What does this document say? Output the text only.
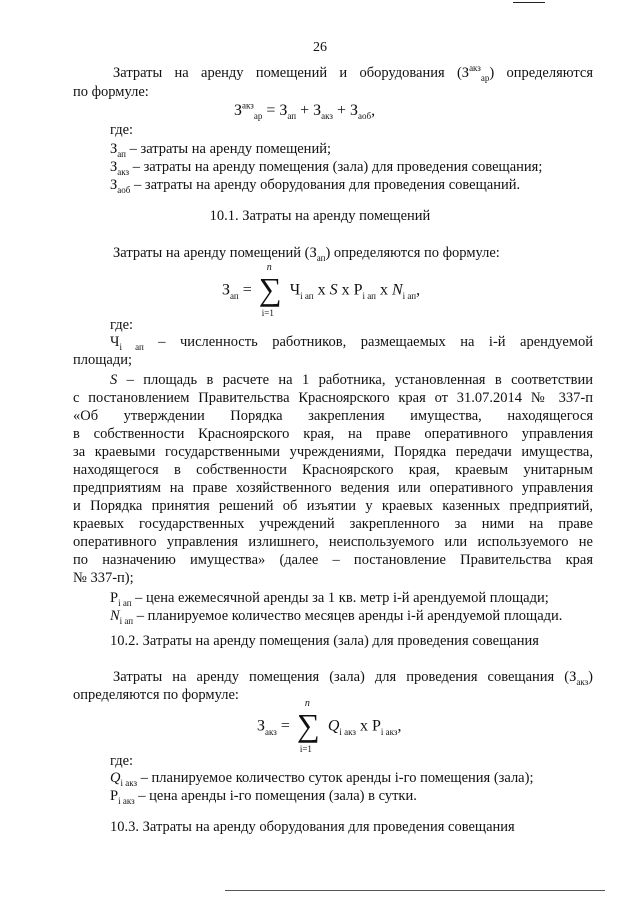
26
Затраты на аренду помещений и оборудования $(З^{акз}_{ар})$ определяются
по формуле:
$З^{акз}_{ар} = З_{ап} + З_{акз} + З_{аоб}$,
где:
$З_{ап}$ – затраты на аренду помещений;
$З_{акз}$ – затраты на аренду помещения (зала) для проведения совещания;
$З_{аоб}$ – затраты на аренду оборудования для проведения совещаний.
10.1. Затраты на аренду помещений
Затраты на аренду помещений $(З_{ап})$ определяются по формуле:
$З_{ап}$ = ∑
n
i=1
$Ч_{i ап}$ x S x $Р_{i ап}$ x $N_{i ап}$,
где:
$Ч_{i ап}$ – численность работников, размещаемых на i-й арендуемой
площади;
S – площадь в расчете на 1 работника, установленная в соответствии
с постановлением Правительства Красноярского края от 31.07.2014 № 337-п
«Об утверждении Порядка закрепления имущества, находящегося
в собственности Красноярского края, на праве оперативного управления
за краевыми государственными учреждениями, Порядка передачи имущества,
находящегося в собственности Красноярского края, краевым унитарным
предприятиям на праве хозяйственного ведения или оперативного управления
и Порядка принятия решений об изъятии у краевых казенных предприятий,
краевых государственных учреждений закрепленного за ними на праве
оперативного управления излишнего, неиспользуемого или используемого не
по назначению имущества» (далее – постановление Правительства края
№ 337-п);
$Р_{i ап}$ – цена ежемесячной аренды за 1 кв. метр i-й арендуемой площади;
$N_{i ап}$ – планируемое количество месяцев аренды i-й арендуемой площади.
10.2. Затраты на аренду помещения (зала) для проведения совещания
Затраты на аренду помещения (зала) для проведения совещания $(З_{акз})$
определяются по формуле:
$З_{акз}$ = ∑
n
i=1
$Q_{i акз}$ x $Р_{i акз}$,
где:
$Q_{i акз}$ – планируемое количество суток аренды i-го помещения (зала);
$Р_{i акз}$ – цена аренды i-го помещения (зала) в сутки.
10.3. Затраты на аренду оборудования для проведения совещания
